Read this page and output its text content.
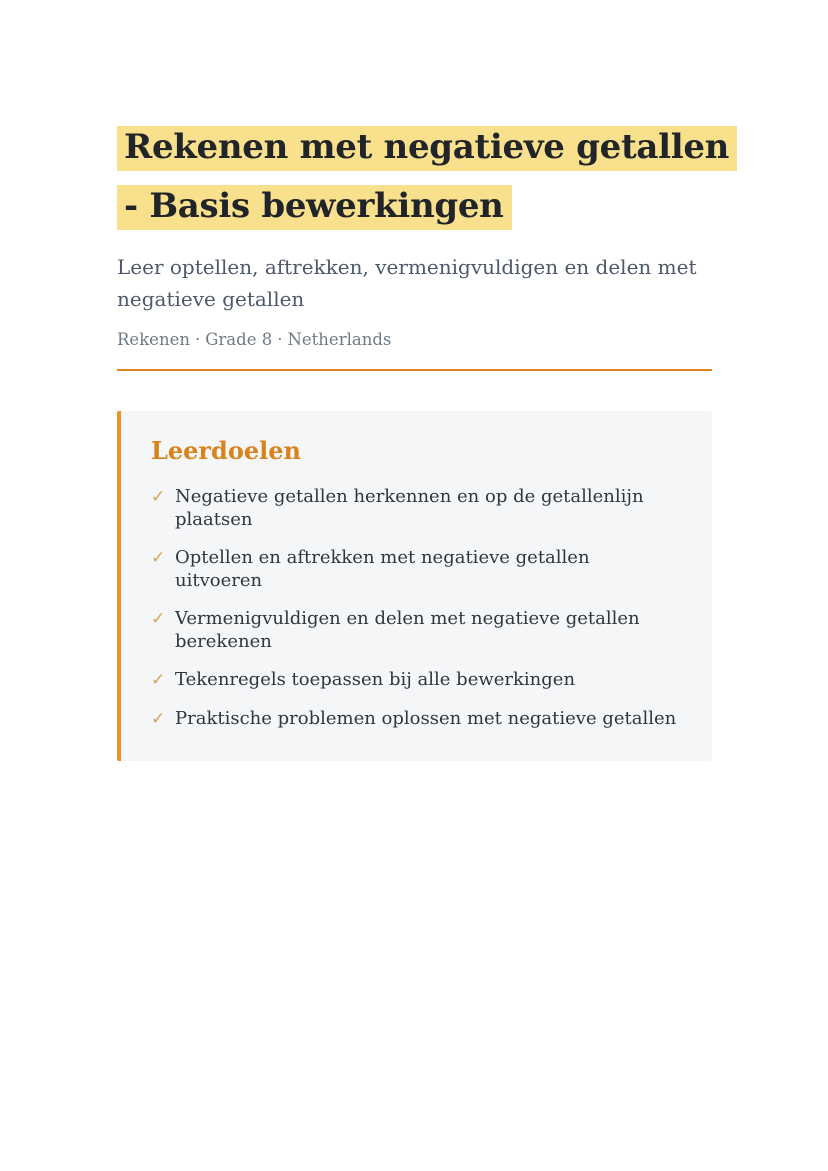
Rekenen met negatieve getallen
- Basis bewerkingen

Leer optellen, aftrekken, vermenigvuldigen en delen met negatieve getallen

Rekenen · Grade 8 · Netherlands
Leerdoelen
✓ Negatieve getallen herkennen en op de getallenlijn plaatsen
✓ Optellen en aftrekken met negatieve getallen uitvoeren
✓ Vermenigvuldigen en delen met negatieve getallen berekenen
✓ Tekenregels toepassen bij alle bewerkingen
✓ Praktische problemen oplossen met negatieve getallen
